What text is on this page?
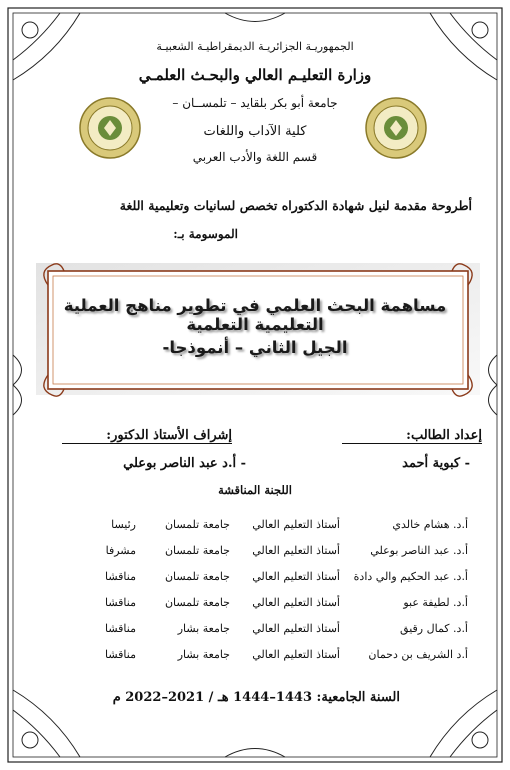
الجمهوريـة الجزائريـة الديمقراطيـة الشعبيـة
وزارة التعليـم العالي والبحـث العلمـي
جامعة أبو بكر بلقايد – تلمســان –
كلية الآداب واللغات
قسم اللغة والأدب العربي
أطروحة مقدمة لنيل شهادة الدكتوراه تخصص لسانيات وتعليمية اللغة
الموسومة بـ:
مساهمة البحث العلمي في تطوير مناهج العملية التعليمية التعلمية
الجيل الثاني – أنموذجا-
إعداد الطالب:
- كبوية أحمد
إشراف الأستاذ الدكتور:
- أ.د عبد الناصر بوعلي
اللجنة المناقشة
أ.د. هشام خالدي
أستاذ التعليم العالي
جامعة تلمسان
رئيسا
أ.د. عبد الناصر بوعلي
أستاذ التعليم العالي
جامعة تلمسان
مشرفا
أ.د. عبد الحكيم والي دادة
أستاذ التعليم العالي
جامعة تلمسان
مناقشا
أ.د. لطيفة عبو
أستاذ التعليم العالي
جامعة تلمسان
مناقشا
أ.د. كمال رقيق
أستاذ التعليم العالي
جامعة بشار
مناقشا
أ.د الشريف بن دحمان
أستاذ التعليم العالي
جامعة بشار
مناقشا
السنة الجامعية: 1443–1444 هـ / 2021–2022 م
